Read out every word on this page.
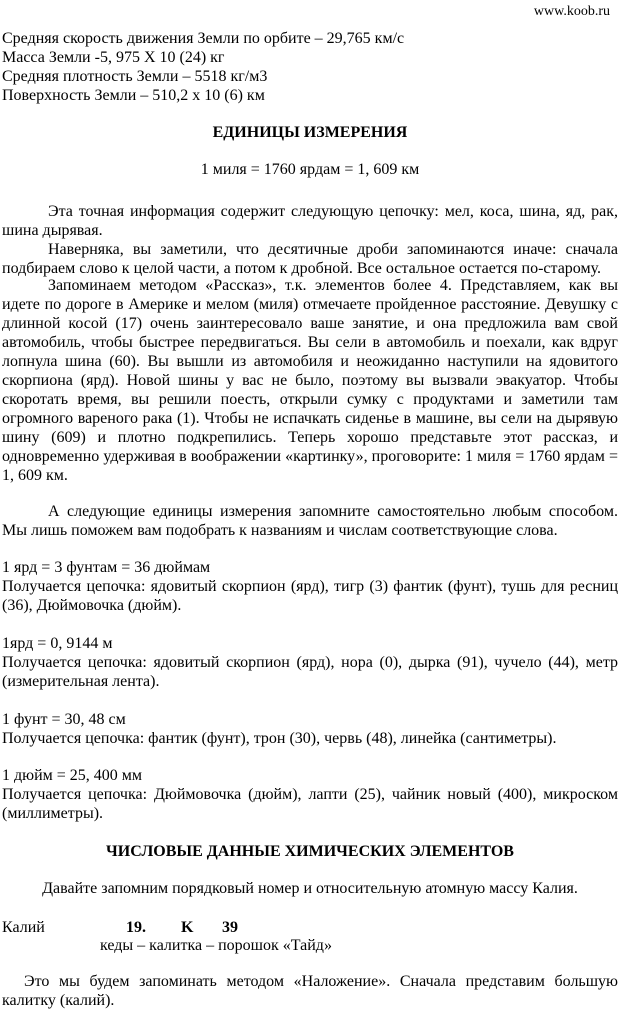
www.koob.ru
Средняя скорость движения Земли по орбите – 29,765 км/с
Масса Земли -5, 975 X 10 (24) кг
Средняя плотность Земли – 5518 кг/м3
Поверхность Земли – 510,2 х 10 (6) км
ЕДИНИЦЫ ИЗМЕРЕНИЯ
1 миля = 1760 ярдам = 1, 609 км
Эта точная информация содержит следующую цепочку: мел, коса, шина, яд, рак, шина дырявая.
Наверняка, вы заметили, что десятичные дроби запоминаются иначе: сначала подбираем слово к целой части, а потом к дробной. Все остальное остается по-старому.
Запоминаем методом «Рассказ», т.к. элементов более 4. Представляем, как вы идете по дороге в Америке и мелом (миля) отмечаете пройденное расстояние. Девушку с длинной косой (17) очень заинтересовало ваше занятие, и она предложила вам свой автомобиль, чтобы быстрее передвигаться. Вы сели в автомобиль и поехали, как вдруг лопнула шина (60). Вы вышли из автомобиля и неожиданно наступили на ядовитого скорпиона (ярд). Новой шины у вас не было, поэтому вы вызвали эвакуатор. Чтобы скоротать время, вы решили поесть, открыли сумку с продуктами и заметили там огромного вареного рака (1). Чтобы не испачкать сиденье в машине, вы сели на дырявую шину (609) и плотно подкрепились. Теперь хорошо представьте этот рассказ, и одновременно удерживая в воображении «картинку», проговорите: 1 миля = 1760 ярдам = 1, 609 км.
А следующие единицы измерения запомните самостоятельно любым способом. Мы лишь поможем вам подобрать к названиям и числам соответствующие слова.
1 ярд = 3 фунтам = 36 дюймам
Получается цепочка: ядовитый скорпион (ярд), тигр (3) фантик (фунт), тушь для ресниц (36), Дюймовочка (дюйм).
1ярд = 0, 9144 м
Получается цепочка: ядовитый скорпион (ярд), нора (0), дырка (91), чучело (44), метр (измерительная лента).
1 фунт = 30, 48 см
Получается цепочка: фантик (фунт), трон (30), червь (48), линейка (сантиметры).
1 дюйм = 25, 400 мм
Получается цепочка: Дюймовочка (дюйм), лапти (25), чайник новый (400), микроском (миллиметры).
ЧИСЛОВЫЕ ДАННЫЕ ХИМИЧЕСКИХ ЭЛЕМЕНТОВ
Давайте запомним порядковый номер и относительную атомную массу Калия.
Калий	19. K 39
кеды – калитка – порошок «Тайд»
Это мы будем запоминать методом «Наложение». Сначала представим большую калитку (калий).
